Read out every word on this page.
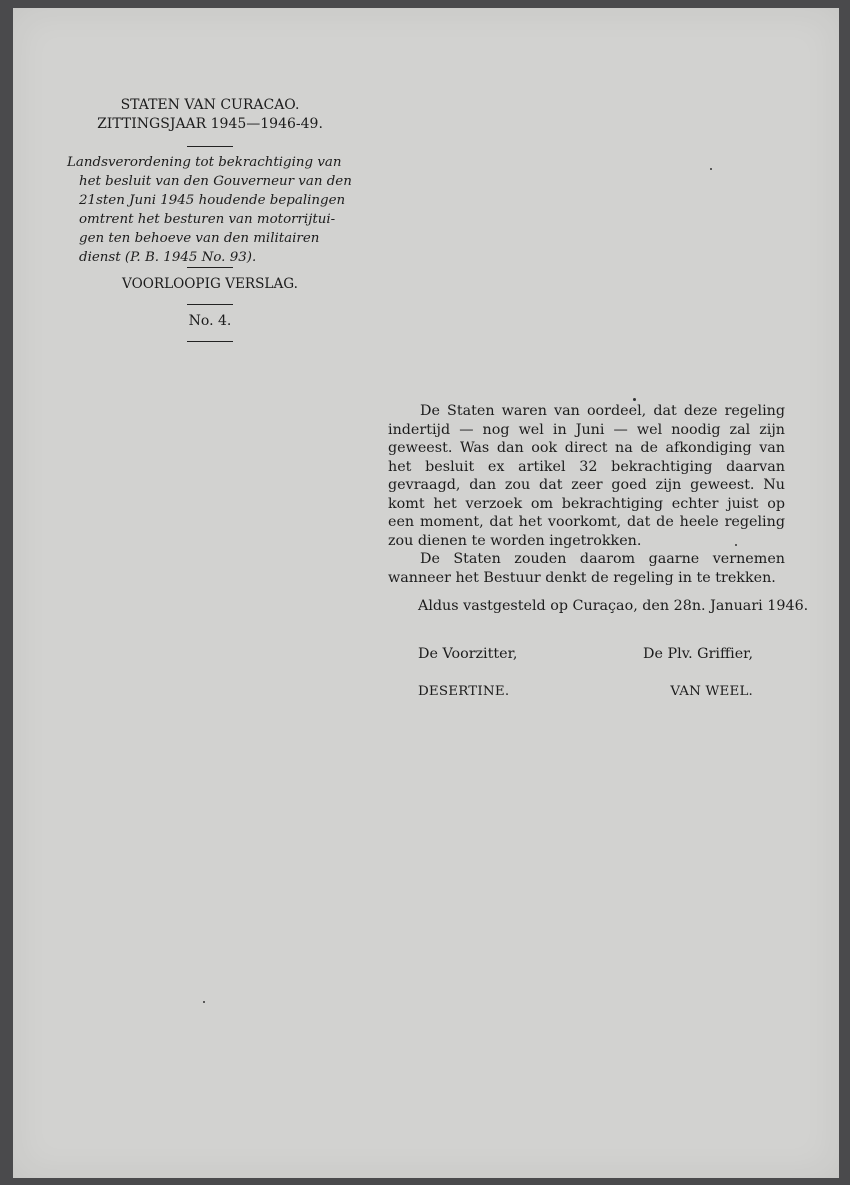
STATEN VAN CURACAO.
ZITTINGSJAAR 1945—1946-49.
Landsverordening tot bekrachtiging van
het besluit van den Gouverneur van den
21sten Juni 1945 houdende bepalingen
omtrent het besturen van motorrijtui-
gen ten behoeve van den militairen
dienst (P. B. 1945 No. 93).
VOORLOOPIG VERSLAG.
No. 4.

De Staten waren van oordeel, dat deze regeling indertijd — nog wel in Juni — wel noodig zal zijn geweest. Was dan ook direct na de afkondiging van het besluit ex artikel 32 bekrachtiging daarvan gevraagd, dan zou dat zeer goed zijn geweest. Nu komt het verzoek om bekrachtiging echter juist op een moment, dat het voorkomt, dat de heele regeling zou dienen te worden ingetrokken.

De Staten zouden daarom gaarne vernemen wanneer het Bestuur denkt de regeling in te trekken.

Aldus vastgesteld op Curaçao, den 28n. Januari 1946.
De Voorzitter,	De Plv. Griffier,
DESERTINE.	VAN WEEL.
